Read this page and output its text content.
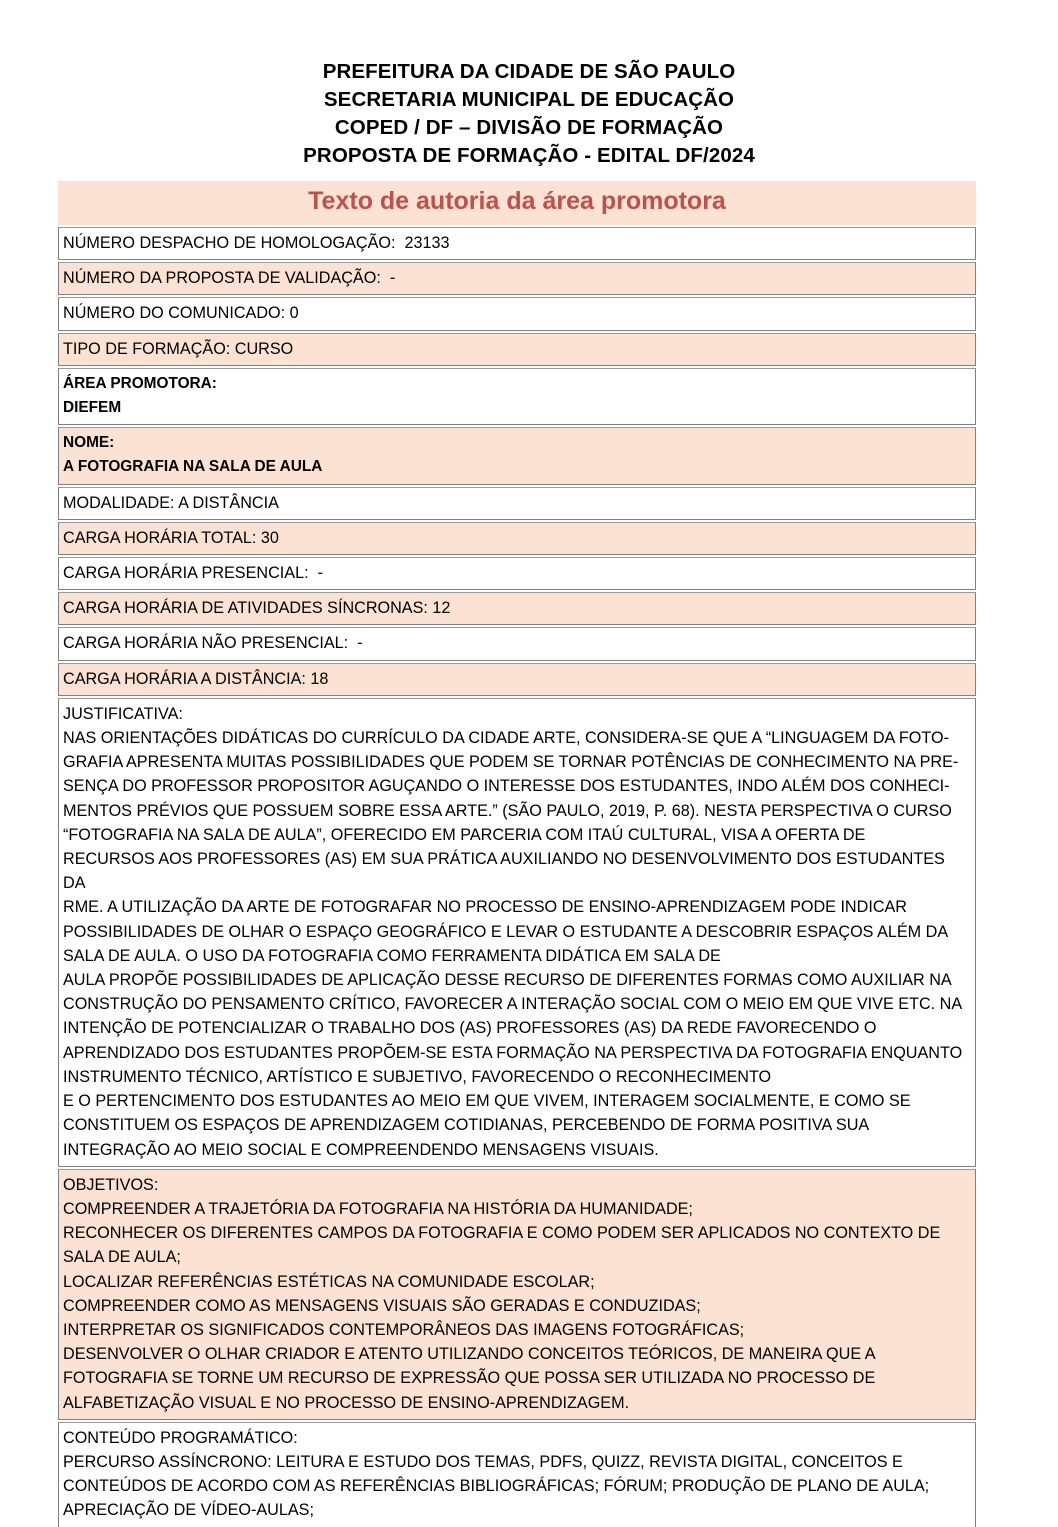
PREFEITURA DA CIDADE DE SÃO PAULO
SECRETARIA MUNICIPAL DE EDUCAÇÃO
COPED / DF – DIVISÃO DE FORMAÇÃO
PROPOSTA DE FORMAÇÃO - EDITAL DF/2024
Texto de autoria da área promotora
NÚMERO DESPACHO DE HOMOLOGAÇÃO:  23133
NÚMERO DA PROPOSTA DE VALIDAÇÃO:  -
NÚMERO DO COMUNICADO: 0
TIPO DE FORMAÇÃO: CURSO
ÁREA PROMOTORA:
DIEFEM
NOME:
A FOTOGRAFIA NA SALA DE AULA
MODALIDADE: A DISTÂNCIA
CARGA HORÁRIA TOTAL: 30
CARGA HORÁRIA PRESENCIAL:  -
CARGA HORÁRIA DE ATIVIDADES SÍNCRONAS: 12
CARGA HORÁRIA NÃO PRESENCIAL:  -
CARGA HORÁRIA A DISTÂNCIA: 18
JUSTIFICATIVA:
NAS ORIENTAÇÕES DIDÁTICAS DO CURRÍCULO DA CIDADE ARTE, CONSIDERA-SE QUE A “LINGUAGEM DA FOTO-
GRAFIA APRESENTA MUITAS POSSIBILIDADES QUE PODEM SE TORNAR POTÊNCIAS DE CONHECIMENTO NA PRE-
SENÇA DO PROFESSOR PROPOSITOR AGUÇANDO O INTERESSE DOS ESTUDANTES, INDO ALÉM DOS CONHECI-
MENTOS PRÉVIOS QUE POSSUEM SOBRE ESSA ARTE.” (SÃO PAULO, 2019, P. 68). NESTA PERSPECTIVA O CURSO
“FOTOGRAFIA NA SALA DE AULA”, OFERECIDO EM PARCERIA COM ITAÚ CULTURAL, VISA A OFERTA DE
RECURSOS AOS PROFESSORES (AS) EM SUA PRÁTICA AUXILIANDO NO DESENVOLVIMENTO DOS ESTUDANTES DA
RME. A UTILIZAÇÃO DA ARTE DE FOTOGRAFAR NO PROCESSO DE ENSINO-APRENDIZAGEM PODE INDICAR
POSSIBILIDADES DE OLHAR O ESPAÇO GEOGRÁFICO E LEVAR O ESTUDANTE A DESCOBRIR ESPAÇOS ALÉM DA
SALA DE AULA. O USO DA FOTOGRAFIA COMO FERRAMENTA DIDÁTICA EM SALA DE
AULA PROPÕE POSSIBILIDADES DE APLICAÇÃO DESSE RECURSO DE DIFERENTES FORMAS COMO AUXILIAR NA
CONSTRUÇÃO DO PENSAMENTO CRÍTICO, FAVORECER A INTERAÇÃO SOCIAL COM O MEIO EM QUE VIVE ETC. NA
INTENÇÃO DE POTENCIALIZAR O TRABALHO DOS (AS) PROFESSORES (AS) DA REDE FAVORECENDO O
APRENDIZADO DOS ESTUDANTES PROPÕEM-SE ESTA FORMAÇÃO NA PERSPECTIVA DA FOTOGRAFIA ENQUANTO
INSTRUMENTO TÉCNICO, ARTÍSTICO E SUBJETIVO, FAVORECENDO O RECONHECIMENTO
E O PERTENCIMENTO DOS ESTUDANTES AO MEIO EM QUE VIVEM, INTERAGEM SOCIALMENTE, E COMO SE
CONSTITUEM OS ESPAÇOS DE APRENDIZAGEM COTIDIANAS, PERCEBENDO DE FORMA POSITIVA SUA
INTEGRAÇÃO AO MEIO SOCIAL E COMPREENDENDO MENSAGENS VISUAIS.
OBJETIVOS:
COMPREENDER A TRAJETÓRIA DA FOTOGRAFIA NA HISTÓRIA DA HUMANIDADE;
RECONHECER OS DIFERENTES CAMPOS DA FOTOGRAFIA E COMO PODEM SER APLICADOS NO CONTEXTO DE
SALA DE AULA;
LOCALIZAR REFERÊNCIAS ESTÉTICAS NA COMUNIDADE ESCOLAR;
COMPREENDER COMO AS MENSAGENS VISUAIS SÃO GERADAS E CONDUZIDAS;
INTERPRETAR OS SIGNIFICADOS CONTEMPORÂNEOS DAS IMAGENS FOTOGRÁFICAS;
DESENVOLVER O OLHAR CRIADOR E ATENTO UTILIZANDO CONCEITOS TEÓRICOS, DE MANEIRA QUE A
FOTOGRAFIA SE TORNE UM RECURSO DE EXPRESSÃO QUE POSSA SER UTILIZADA NO PROCESSO DE
ALFABETIZAÇÃO VISUAL E NO PROCESSO DE ENSINO-APRENDIZAGEM.
CONTEÚDO PROGRAMÁTICO:
PERCURSO ASSÍNCRONO: LEITURA E ESTUDO DOS TEMAS, PDFS, QUIZZ, REVISTA DIGITAL, CONCEITOS E
CONTEÚDOS DE ACORDO COM AS REFERÊNCIAS BIBLIOGRÁFICAS; FÓRUM; PRODUÇÃO DE PLANO DE AULA;
APRECIAÇÃO DE VÍDEO-AULAS;
